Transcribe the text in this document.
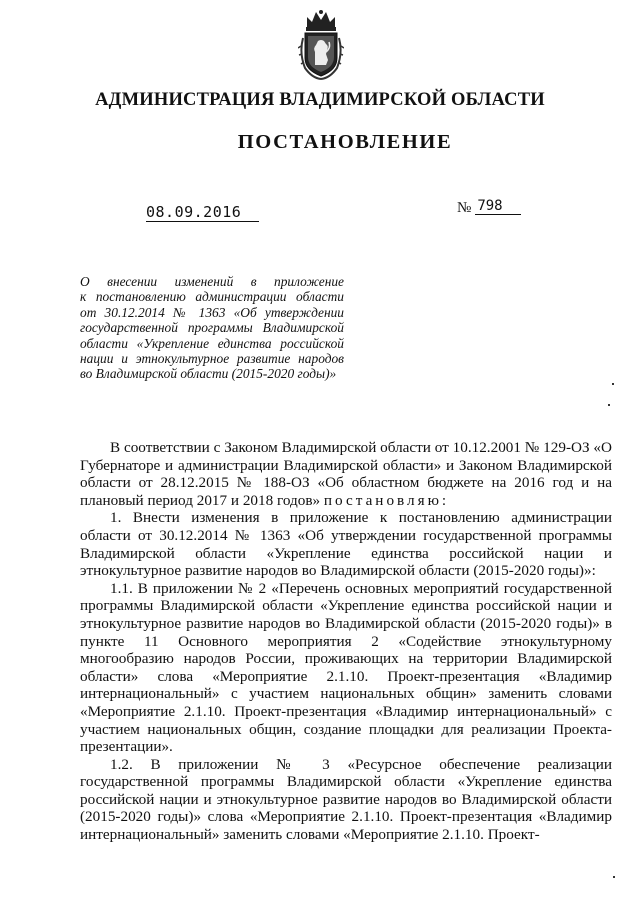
АДМИНИСТРАЦИЯ ВЛАДИМИРСКОЙ ОБЛАСТИ
ПОСТАНОВЛЕНИЕ
08.09.2016	№ 798
О внесении изменений в приложение
к постановлению администрации области
от 30.12.2014 № 1363 «Об утверждении
государственной программы Владимирской
области «Укрепление единства российской
нации и этнокультурное развитие народов
во Владимирской области (2015-2020 годы)»

В соответствии с Законом Владимирской области от 10.12.2001 № 129-ОЗ «О Губернаторе и администрации Владимирской области» и Законом Владимирской области от 28.12.2015 № 188-ОЗ «Об областном бюджете на 2016 год и на плановый период 2017 и 2018 годов» постановляю:

1. Внести изменения в приложение к постановлению администрации области от 30.12.2014 № 1363 «Об утверждении государственной программы Владимирской области «Укрепление единства российской нации и этнокультурное развитие народов во Владимирской области (2015-2020 годы)»:

1.1. В приложении № 2 «Перечень основных мероприятий государственной программы Владимирской области «Укрепление единства российской нации и этнокультурное развитие народов во Владимирской области (2015-2020 годы)» в пункте 11 Основного мероприятия 2 «Содействие этнокультурному многообразию народов России, проживающих на территории Владимирской области» слова «Мероприятие 2.1.10. Проект-презентация «Владимир интернациональный» с участием национальных общин» заменить словами «Мероприятие 2.1.10. Проект-презентация «Владимир интернациональный» с участием национальных общин, создание площадки для реализации Проекта-презентации».

1.2. В приложении № 3 «Ресурсное обеспечение реализации государственной программы Владимирской области «Укрепление единства российской нации и этнокультурное развитие народов во Владимирской области (2015-2020 годы)» слова «Мероприятие 2.1.10. Проект-презентация «Владимир интернациональный» заменить словами «Мероприятие 2.1.10. Проект-
